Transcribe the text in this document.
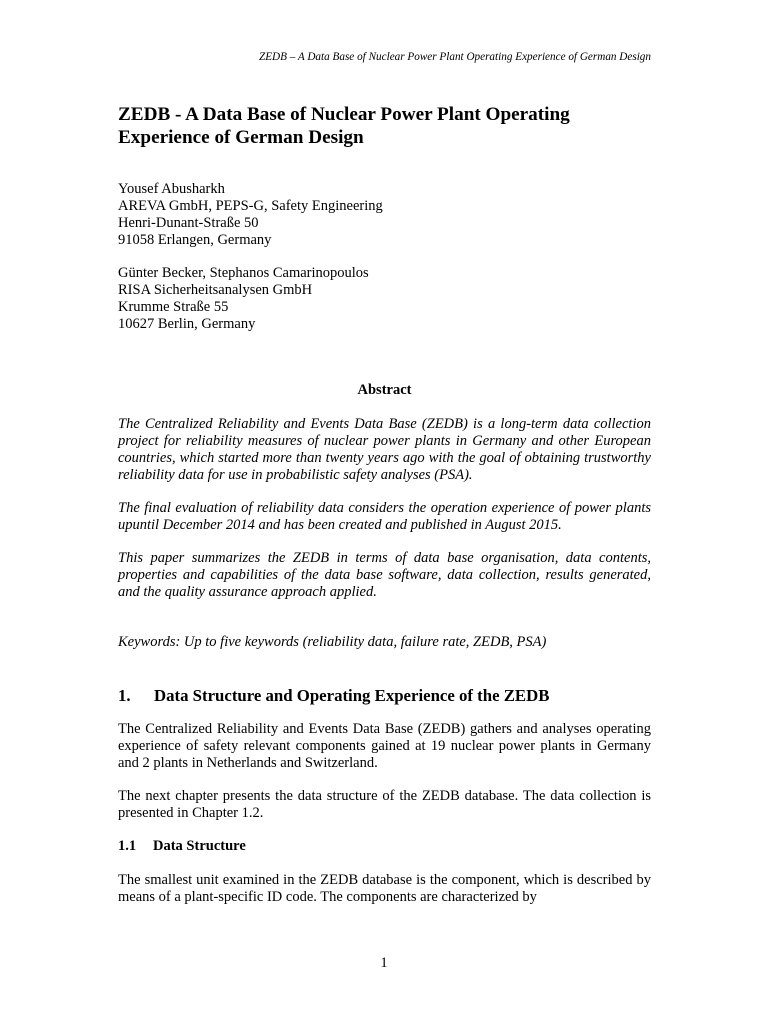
ZEDB – A Data Base of Nuclear Power Plant Operating Experience of German Design
ZEDB - A Data Base of Nuclear Power Plant Operating Experience of German Design

Yousef Abusharkh
AREVA GmbH, PEPS-G, Safety Engineering
Henri-Dunant-Straße 50
91058 Erlangen, Germany

Günter Becker, Stephanos Camarinopoulos
RISA Sicherheitsanalysen GmbH
Krumme Straße 55
10627 Berlin, Germany

Abstract

The Centralized Reliability and Events Data Base (ZEDB) is a long-term data collection project for reliability measures of nuclear power plants in Germany and other European countries, which started more than twenty years ago with the goal of obtaining trustworthy reliability data for use in probabilistic safety analyses (PSA).

The final evaluation of reliability data considers the operation experience of power plants upuntil December 2014 and has been created and published in August 2015.

This paper summarizes the ZEDB in terms of data base organisation, data contents, properties and capabilities of the data base software, data collection, results generated, and the quality assurance approach applied.

Keywords: Up to five keywords (reliability data, failure rate, ZEDB, PSA)

1. Data Structure and Operating Experience of the ZEDB

The Centralized Reliability and Events Data Base (ZEDB) gathers and analyses operating experience of safety relevant components gained at 19 nuclear power plants in Germany and 2 plants in Netherlands and Switzerland.

The next chapter presents the data structure of the ZEDB database. The data collection is presented in Chapter 1.2.

1.1 Data Structure

The smallest unit examined in the ZEDB database is the component, which is described by means of a plant-specific ID code. The components are characterized by

1
